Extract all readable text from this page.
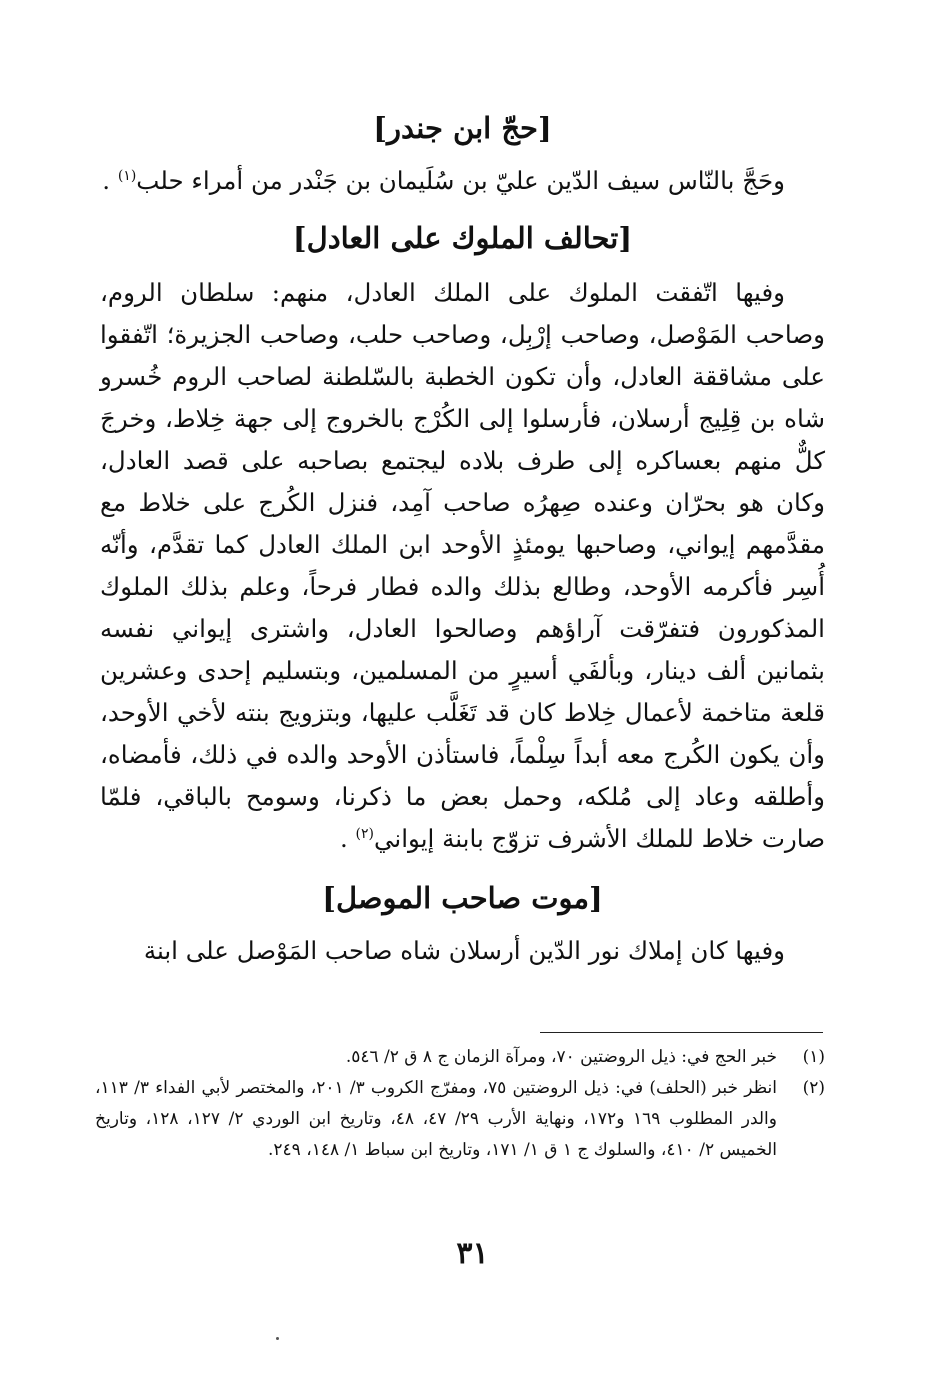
[حجّ ابن جندر]

وحَجَّ بالنّاس سيف الدّين عليّ بن سُلَيمان بن جَنْدر من أمراء حلب$^{(١)}$ .

[تحالف الملوك على العادل]

وفيها اتّفقت الملوك على الملك العادل، منهم: سلطان الروم، وصاحب المَوْصل، وصاحب إرْبِل، وصاحب حلب، وصاحب الجزيرة؛ اتّفقوا على مشاققة العادل، وأن تكون الخطبة بالسّلطنة لصاحب الروم خُسرو شاه بن قِلِيج أرسلان، فأرسلوا إلى الكُرْج بالخروج إلى جهة خِلاط، وخرجَ كلٌّ منهم بعساكره إلى طرف بلاده ليجتمع بصاحبه على قصد العادل، وكان هو بحرّان وعنده صِهرُه صاحب آمِد، فنزل الكُرج على خلاط مع مقدَّمهم إيواني، وصاحبها يومئذٍ الأوحد ابن الملك العادل كما تقدَّم، وأنّه أُسِر فأكرمه الأوحد، وطالع بذلك والده فطار فرحاً، وعلم بذلك الملوك المذكورون فتفرّقت آراؤهم وصالحوا العادل، واشترى إيواني نفسه بثمانين ألف دينار، وبألفَي أسيرٍ من المسلمين، وبتسليم إحدى وعشرين قلعة متاخمة لأعمال خِلاط كان قد تَغَلَّب عليها، وبتزويج بنته لأخي الأوحد، وأن يكون الكُرج معه أبداً سِلْماً، فاستأذن الأوحد والده في ذلك، فأمضاه، وأطلقه وعاد إلى مُلكه، وحمل بعض ما ذكرنا، وسومح بالباقي، فلمّا صارت خلاط للملك الأشرف تزوّج بابنة إيواني$^{(٢)}$ .

[موت صاحب الموصل]

وفيها كان إملاك نور الدّين أرسلان شاه صاحب المَوْصل على ابنة

(١)
خبر الحج في: ذيل الروضتين ٧٠، ومرآة الزمان ج ٨ ق ٢/ ٥٤٦.
(٢)
انظر خبر (الحلف) في: ذيل الروضتين ٧٥، ومفرّج الكروب ٣/ ٢٠١، والمختصر لأبي الفداء ٣/ ١١٣، والدر المطلوب ١٦٩ و١٧٢، ونهاية الأرب ٢٩/ ٤٧، ٤٨، وتاريخ ابن الوردي ٢/ ١٢٧، ١٢٨، وتاريخ الخميس ٢/ ٤١٠، والسلوك ج ١ ق ١/ ١٧١، وتاريخ ابن سباط ١/ ١٤٨، ٢٤٩.
٣١
